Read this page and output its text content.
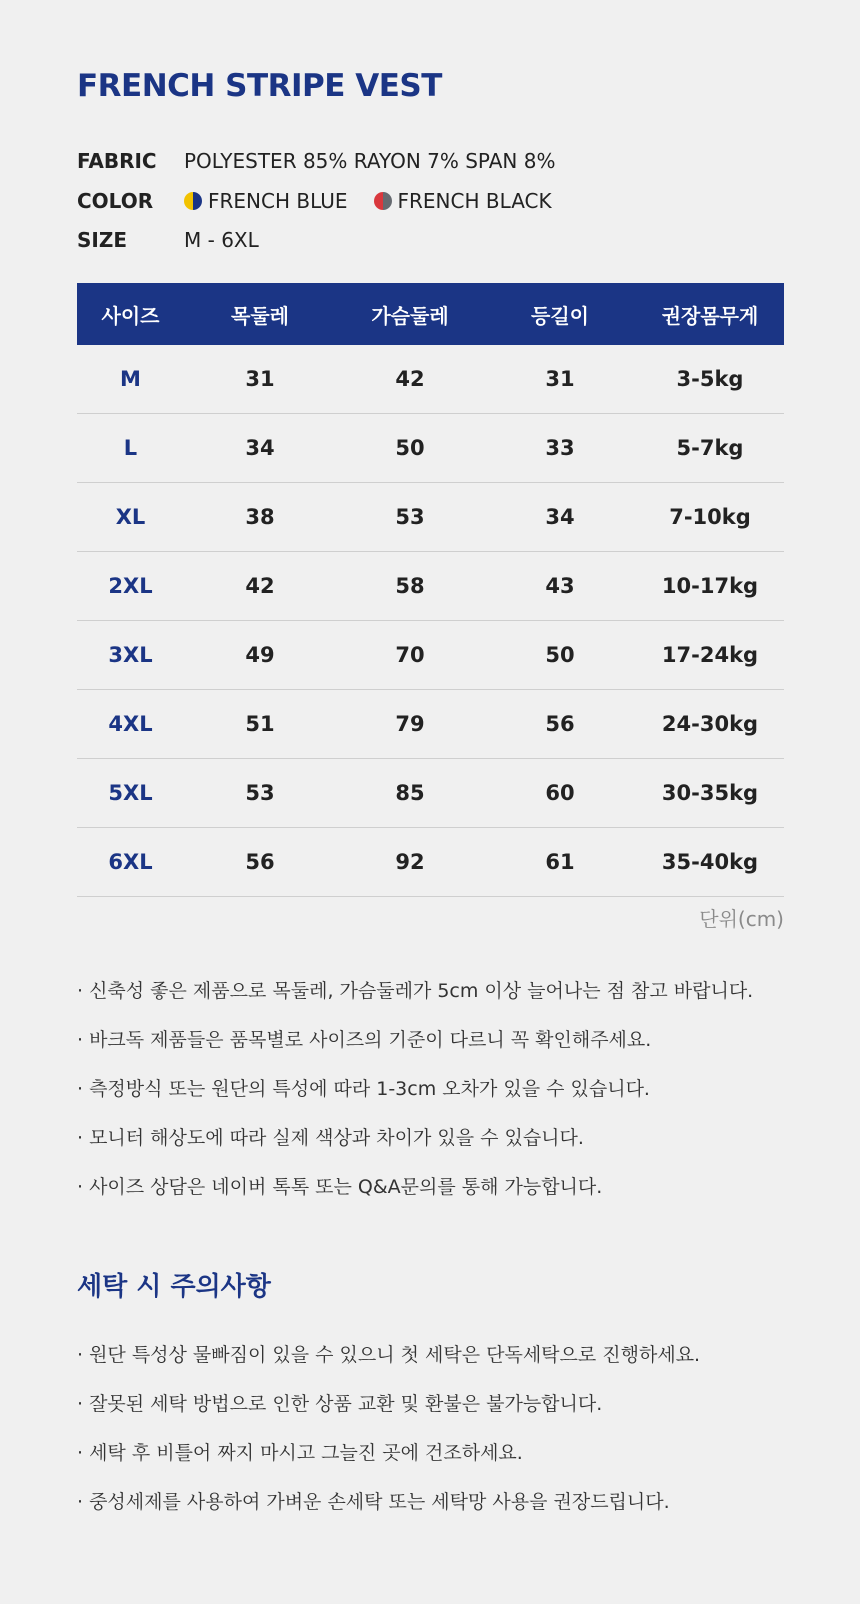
FRENCH STRIPE VEST
FABRIC	POLYESTER 85% RAYON 7% SPAN 8%
COLOR	FRENCH BLUE	FRENCH BLACK
SIZE	M - 6XL
사이즈	목둘레	가슴둘레	등길이	권장몸무게
M	31	42	31	3-5kg
L	34	50	33	5-7kg
XL	38	53	34	7-10kg
2XL	42	58	43	10-17kg
3XL	49	70	50	17-24kg
4XL	51	79	56	24-30kg
5XL	53	85	60	30-35kg
6XL	56	92	61	35-40kg
단위(cm)
· 신축성 좋은 제품으로 목둘레, 가슴둘레가 5cm 이상 늘어나는 점 참고 바랍니다.
· 바크독 제품들은 품목별로 사이즈의 기준이 다르니 꼭 확인해주세요.
· 측정방식 또는 원단의 특성에 따라 1-3cm 오차가 있을 수 있습니다.
· 모니터 해상도에 따라 실제 색상과 차이가 있을 수 있습니다.
· 사이즈 상담은 네이버 톡톡 또는 Q&A문의를 통해 가능합니다.
세탁 시 주의사항
· 원단 특성상 물빠짐이 있을 수 있으니 첫 세탁은 단독세탁으로 진행하세요.
· 잘못된 세탁 방법으로 인한 상품 교환 및 환불은 불가능합니다.
· 세탁 후 비틀어 짜지 마시고 그늘진 곳에 건조하세요.
· 중성세제를 사용하여 가벼운 손세탁 또는 세탁망 사용을 권장드립니다.
